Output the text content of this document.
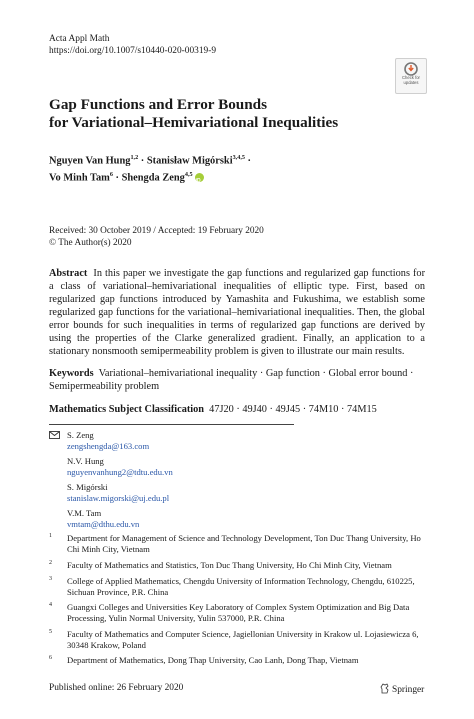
Acta Appl Math
https://doi.org/10.1007/s10440-020-00319-9
Check for
updates
Gap Functions and Error Bounds
for Variational–Hemivariational Inequalities
Nguyen Van Hung$^{1,2}$ · Stanisław Migórski$^{3,4,5}$ ·
Vo Minh Tam$^6$ · Shengda Zeng$^{4,5}$iD
Received: 30 October 2019 / Accepted: 19 February 2020
© The Author(s) 2020
Abstract In this paper we investigate the gap functions and regularized gap functions for a class of variational–hemivariational inequalities of elliptic type. First, based on regularized gap functions introduced by Yamashita and Fukushima, we establish some regularized gap functions for the variational–hemivariational inequalities. Then, the global error bounds for such inequalities in terms of regularized gap functions are derived by using the properties of the Clarke generalized gradient. Finally, an application to a stationary nonsmooth semipermeability problem is given to illustrate our main results.
Keywords Variational–hemivariational inequality · Gap function · Global error bound · Semipermeability problem
Mathematics Subject Classification 47J20 · 49J40 · 49J45 · 74M10 · 74M15
S. Zeng
zengshengda@163.com
N.V. Hung
nguyenvanhung2@tdtu.edu.vn
S. Migórski
stanislaw.migorski@uj.edu.pl
V.M. Tam
vmtam@dthu.edu.vn
1 Department for Management of Science and Technology Development, Ton Duc Thang University, Ho Chi Minh City, Vietnam
2 Faculty of Mathematics and Statistics, Ton Duc Thang University, Ho Chi Minh City, Vietnam
3 College of Applied Mathematics, Chengdu University of Information Technology, Chengdu, 610225, Sichuan Province, P.R. China
4 Guangxi Colleges and Universities Key Laboratory of Complex System Optimization and Big Data Processing, Yulin Normal University, Yulin 537000, P.R. China
5 Faculty of Mathematics and Computer Science, Jagiellonian University in Krakow ul. Lojasiewicza 6, 30348 Krakow, Poland
6 Department of Mathematics, Dong Thap University, Cao Lanh, Dong Thap, Vietnam
Published online: 26 February 2020	Springer
